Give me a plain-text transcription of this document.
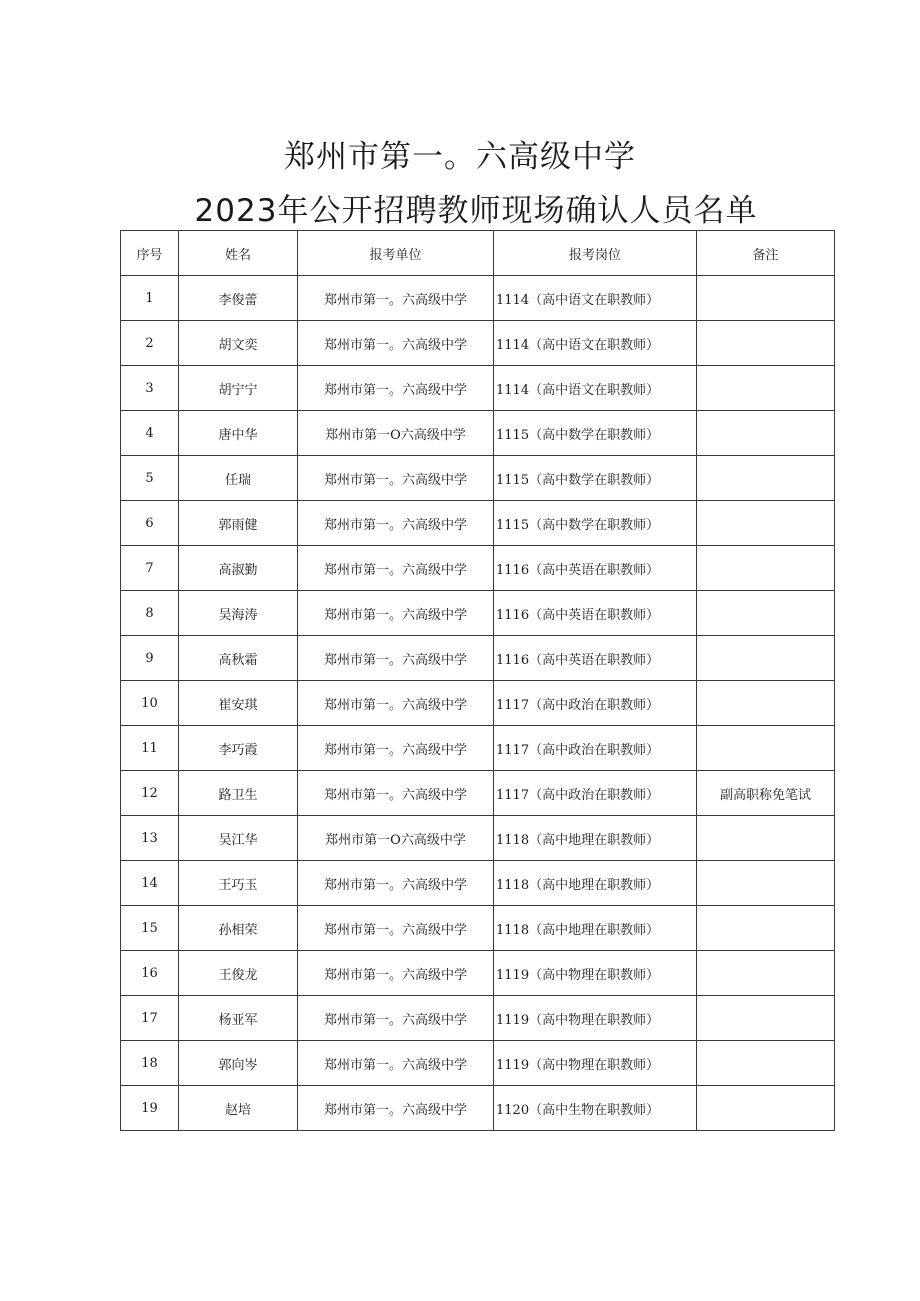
郑州市第一。六高级中学
2023年公开招聘教师现场确认人员名单
序号	姓名	报考单位	报考岗位	备注
1	李俊蕾	郑州市第一。六高级中学	1114（高中语文在职教师）	
2	胡文奕	郑州市第一。六高级中学	1114（高中语文在职教师）	
3	胡宁宁	郑州市第一。六高级中学	1114（高中语文在职教师）	
4	唐中华	郑州市第一O六高级中学	1115（高中数学在职教师）	
5	任瑞	郑州市第一。六高级中学	1115（高中数学在职教师）	
6	郭雨健	郑州市第一。六高级中学	1115（高中数学在职教师）	
7	高淑勤	郑州市第一。六高级中学	1116（高中英语在职教师）	
8	吴海涛	郑州市第一。六高级中学	1116（高中英语在职教师）	
9	高秋霜	郑州市第一。六高级中学	1116（高中英语在职教师）	
10	崔安琪	郑州市第一。六高级中学	1117（高中政治在职教师）	
11	李巧霞	郑州市第一。六高级中学	1117（高中政治在职教师）	
12	路卫生	郑州市第一。六高级中学	1117（高中政治在职教师）	副高职称免笔试
13	吴江华	郑州市第一O六高级中学	1118（高中地理在职教师）	
14	王巧玉	郑州市第一。六高级中学	1118（高中地理在职教师）	
15	孙相荣	郑州市第一。六高级中学	1118（高中地理在职教师）	
16	王俊龙	郑州市第一。六高级中学	1119（高中物理在职教师）	
17	杨亚军	郑州市第一。六高级中学	1119（高中物理在职教师）	
18	郭向岑	郑州市第一。六高级中学	1119（高中物理在职教师）	
19	赵培	郑州市第一。六高级中学	1120（高中生物在职教师）	
